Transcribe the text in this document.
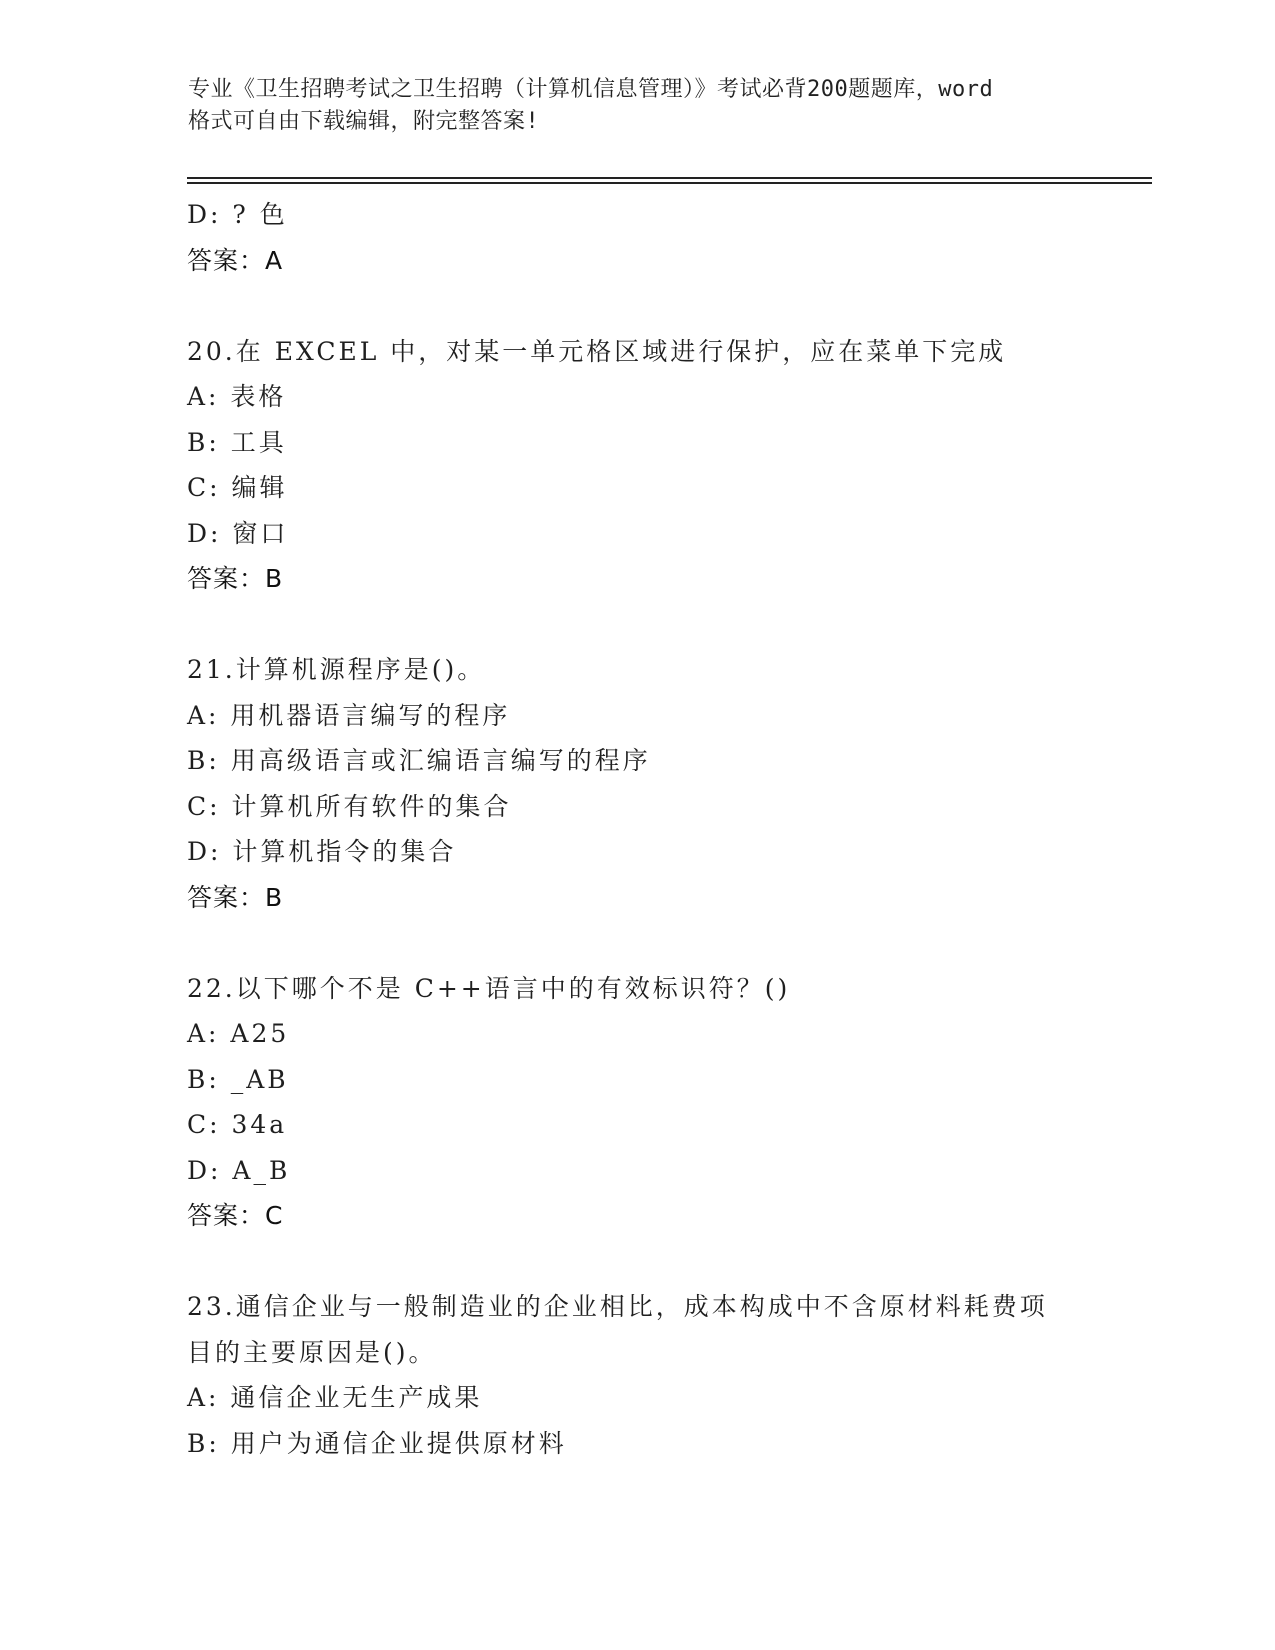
专业《卫生招聘考试之卫生招聘（计算机信息管理）》考试必背200题题库，word
格式可自由下载编辑，附完整答案!
D: ? 色
答案：A
20.在 EXCEL 中，对某一单元格区域进行保护，应在菜单下完成
A: 表格
B: 工具
C: 编辑
D: 窗口
答案：B
21.计算机源程序是()。
A: 用机器语言编写的程序
B: 用高级语言或汇编语言编写的程序
C: 计算机所有软件的集合
D: 计算机指令的集合
答案：B
22.以下哪个不是 C++语言中的有效标识符？()
A: A25
B: _AB
C: 34a
D: A_B
答案：C
23.通信企业与一般制造业的企业相比，成本构成中不含原材料耗费项
目的主要原因是()。
A: 通信企业无生产成果
B: 用户为通信企业提供原材料
